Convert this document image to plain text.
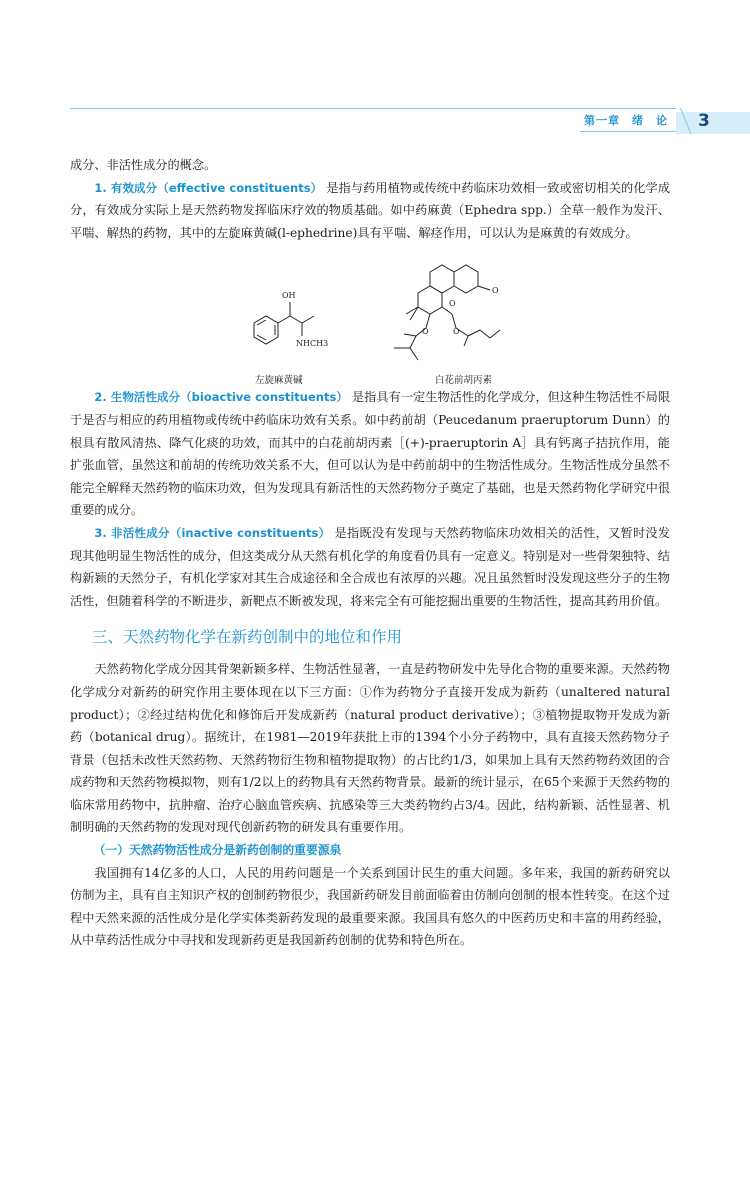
第一章　绪　论 3

成分、非活性成分的概念。

1. 有效成分（effective constituents） 是指与药用植物或传统中药临床功效相一致或密切相关的化学成分，有效成分实际上是天然药物发挥临床疗效的物质基础。如中药麻黄（Ephedra spp.）全草一般作为发汗、平喘、解热的药物，其中的左旋麻黄碱(l-ephedrine)具有平喘、解痉作用，可以认为是麻黄的有效成分。

OH
NHCH3
O
O
O	O
左旋麻黄碱	白花前胡丙素

2. 生物活性成分（bioactive constituents） 是指具有一定生物活性的化学成分，但这种生物活性不局限于是否与相应的药用植物或传统中药临床功效有关系。如中药前胡（Peucedanum praeruptorum Dunn）的根具有散风清热、降气化痰的功效，而其中的白花前胡丙素［(+)-praeruptorin A］具有钙离子拮抗作用，能扩张血管，虽然这和前胡的传统功效关系不大，但可以认为是中药前胡中的生物活性成分。生物活性成分虽然不能完全解释天然药物的临床功效，但为发现具有新活性的天然药物分子奠定了基础，也是天然药物化学研究中很重要的成分。

3. 非活性成分（inactive constituents） 是指既没有发现与天然药物临床功效相关的活性，又暂时没发现其他明显生物活性的成分，但这类成分从天然有机化学的角度看仍具有一定意义。特别是对一些骨架独特、结构新颖的天然分子，有机化学家对其生合成途径和全合成也有浓厚的兴趣。况且虽然暂时没发现这些分子的生物活性，但随着科学的不断进步，新靶点不断被发现，将来完全有可能挖掘出重要的生物活性，提高其药用价值。

三、天然药物化学在新药创制中的地位和作用

天然药物化学成分因其骨架新颖多样、生物活性显著，一直是药物研发中先导化合物的重要来源。天然药物化学成分对新药的研究作用主要体现在以下三方面：①作为药物分子直接开发成为新药（unaltered natural product）；②经过结构优化和修饰后开发成新药（natural product derivative）；③植物提取物开发成为新药（botanical drug）。据统计，在1981—2019年获批上市的1394个小分子药物中，具有直接天然药物分子背景（包括未改性天然药物、天然药物衍生物和植物提取物）的占比约1/3，如果加上具有天然药物药效团的合成药物和天然药物模拟物，则有1/2以上的药物具有天然药物背景。最新的统计显示，在65个来源于天然药物的临床常用药物中，抗肿瘤、治疗心脑血管疾病、抗感染等三大类药物约占3/4。因此，结构新颖、活性显著、机制明确的天然药物的发现对现代创新药物的研发具有重要作用。

（一）天然药物活性成分是新药创制的重要源泉

我国拥有14亿多的人口，人民的用药问题是一个关系到国计民生的重大问题。多年来，我国的新药研究以仿制为主，具有自主知识产权的创制药物很少，我国新药研发目前面临着由仿制向创制的根本性转变。在这个过程中天然来源的活性成分是化学实体类新药发现的最重要来源。我国具有悠久的中医药历史和丰富的用药经验，从中草药活性成分中寻找和发现新药更是我国新药创制的优势和特色所在。
